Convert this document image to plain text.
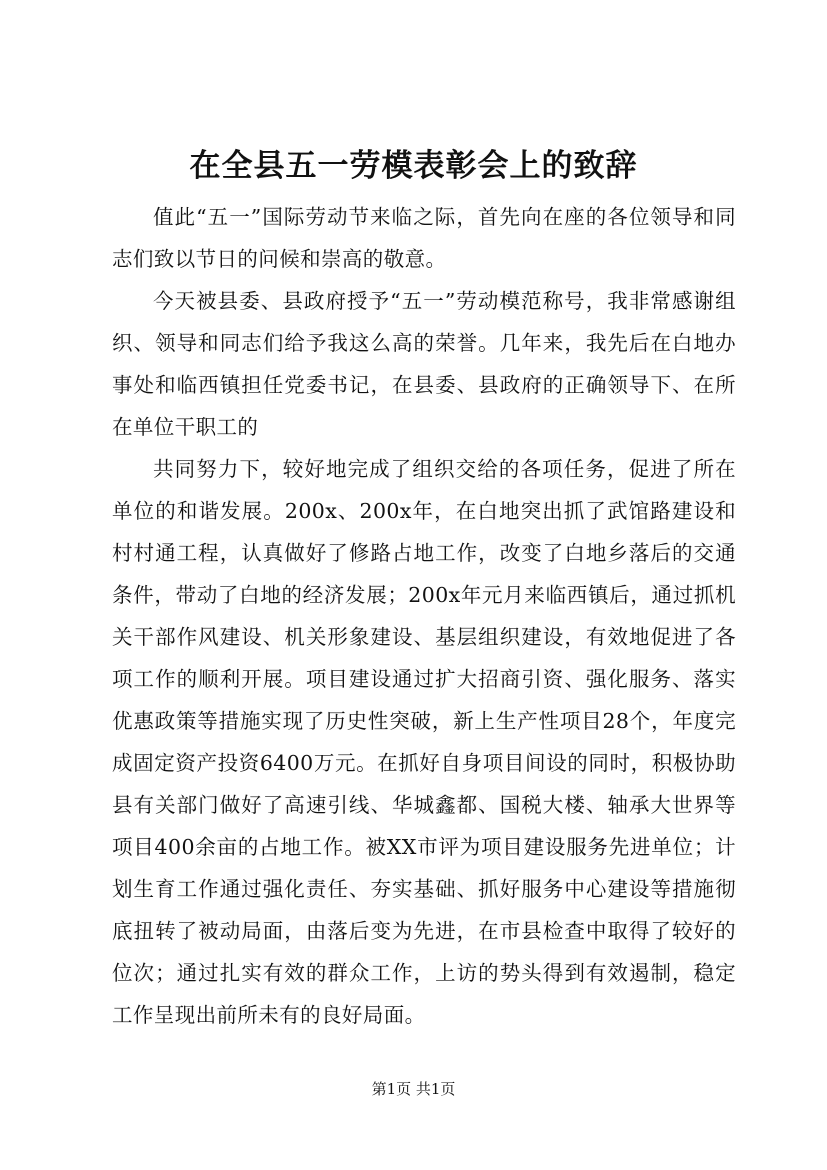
在全县五一劳模表彰会上的致辞

值此“五一”国际劳动节来临之际，首先向在座的各位领导和同志们致以节日的问候和崇高的敬意。

今天被县委、县政府授予“五一”劳动模范称号，我非常感谢组织、领导和同志们给予我这么高的荣誉。几年来，我先后在白地办事处和临西镇担任党委书记，在县委、县政府的正确领导下、在所在单位干职工的

共同努力下，较好地完成了组织交给的各项任务，促进了所在单位的和谐发展。200x、200x年，在白地突出抓了武馆路建设和村村通工程，认真做好了修路占地工作，改变了白地乡落后的交通条件，带动了白地的经济发展；200x年元月来临西镇后，通过抓机关干部作风建设、机关形象建设、基层组织建设，有效地促进了各项工作的顺利开展。项目建设通过扩大招商引资、强化服务、落实优惠政策等措施实现了历史性突破，新上生产性项目28个，年度完成固定资产投资6400万元。在抓好自身项目间设的同时，积极协助县有关部门做好了高速引线、华城鑫都、国税大楼、轴承大世界等项目400余亩的占地工作。被XX市评为项目建设服务先进单位；计划生育工作通过强化责任、夯实基础、抓好服务中心建设等措施彻底扭转了被动局面，由落后变为先进，在市县检查中取得了较好的位次；通过扎实有效的群众工作，上访的势头得到有效遏制，稳定工作呈现出前所未有的良好局面。

第1页 共1页
